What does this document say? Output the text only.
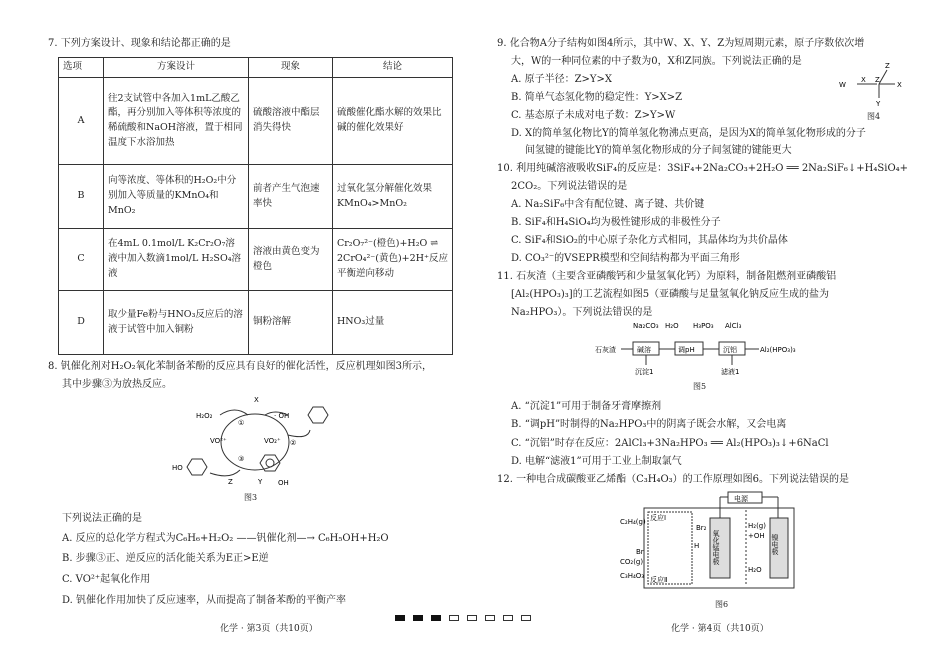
7. 下列方案设计、现象和结论都正确的是
选项	方案设计	现象	结论
A	往2支试管中各加入1mL乙酸乙酯，再分别加入等体积等浓度的稀硫酸和NaOH溶液，置于相同温度下水浴加热	硫酸溶液中酯层消失得快	硫酸催化酯水解的效果比碱的催化效果好
B	向等浓度、等体积的H₂O₂中分别加入等质量的KMnO₄和MnO₂	前者产生气泡速率快	过氧化氢分解催化效果KMnO₄>MnO₂
C	在4mL 0.1mol/L K₂Cr₂O₇溶液中加入数滴1mol/L H₂SO₄溶液	溶液由黄色变为橙色	Cr₂O₇²⁻(橙色)+H₂O ⇌ 2CrO₄²⁻(黄色)+2H⁺反应平衡逆向移动
D	取少量Fe粉与HNO₃反应后的溶液于试管中加入铜粉	铜粉溶解	HNO₃过量
8. 钒催化剂对H₂O₂氧化苯制备苯酚的反应具有良好的催化活性，反应机理如图3所示，
其中步骤③为放热反应。
H₂O₂
X
· OH
①
②
③
VO²⁺	VO₂⁺
HO
Z	Y OH
图3
下列说法正确的是
A. 反应的总化学方程式为C₆H₆+H₂O₂ ——钒催化剂—→ C₆H₅OH+H₂O
B. 步骤③正、逆反应的活化能关系为E正>E逆
C. VO²⁺起氧化作用
D. 钒催化作用加快了反应速率，从而提高了制备苯酚的平衡产率
化学 · 第3页（共10页）
9. 化合物A分子结构如图4所示，其中W、X、Y、Z为短周期元素，原子序数依次增
大，W的一种同位素的中子数为0，X和Z同族。下列说法正确的是
W
X
Z
Z
X
Y
图4
A. 原子半径：Z>Y>X
B. 简单气态氢化物的稳定性：Y>X>Z
C. 基态原子未成对电子数：Z>Y>W
D. X的简单氢化物比Y的简单氢化物沸点更高，是因为X的简单氢化物形成的分子
间氢键的键能比Y的简单氢化物形成的分子间氢键的键能更大
10. 利用纯碱溶液吸收SiF₄的反应是：3SiF₄+2Na₂CO₃+2H₂O ══ 2Na₂SiF₆↓+H₄SiO₄+
2CO₂。下列说法错误的是
A. Na₂SiF₆中含有配位键、离子键、共价键
B. SiF₄和H₄SiO₄均为极性键形成的非极性分子
C. SiF₄和SiO₂的中心原子杂化方式相同，其晶体均为共价晶体
D. CO₃²⁻的VSEPR模型和空间结构都为平面三角形
11. 石灰渣（主要含亚磷酸钙和少量氢氧化钙）为原料，制备阻燃剂亚磷酸铝
[Al₂(HPO₃)₃]的工艺流程如图5（亚磷酸与足量氢氧化钠反应生成的盐为
Na₂HPO₃）。下列说法错误的是
Na₂CO₃ H₂O H₃PO₃ AlCl₃
石灰渣	碱溶	调pH	沉铝	Al₂(HPO₃)₃
沉淀1	滤液1
图5
A. “沉淀1”可用于制备牙膏摩擦剂
B. “调pH”时制得的Na₂HPO₃中的阴离子既会水解，又会电离
C. “沉铝”时存在反应：2AlCl₃+3Na₂HPO₃ ══ Al₂(HPO₃)₃↓+6NaCl
D. 电解“滤液1”可用于工业上制取氯气
12. 一种电合成碳酸亚乙烯酯（C₃H₄O₃）的工作原理如图6。下列说法错误的是
电源
C₂H₄(g) 反应Ⅰ
反应Ⅱ
Br₂
Br
H 氧化锰电极
H₂(g)
+OH
H₂O
镍电极
CO₂(g)
C₃H₄O₃
图6
化学 · 第4页（共10页）
